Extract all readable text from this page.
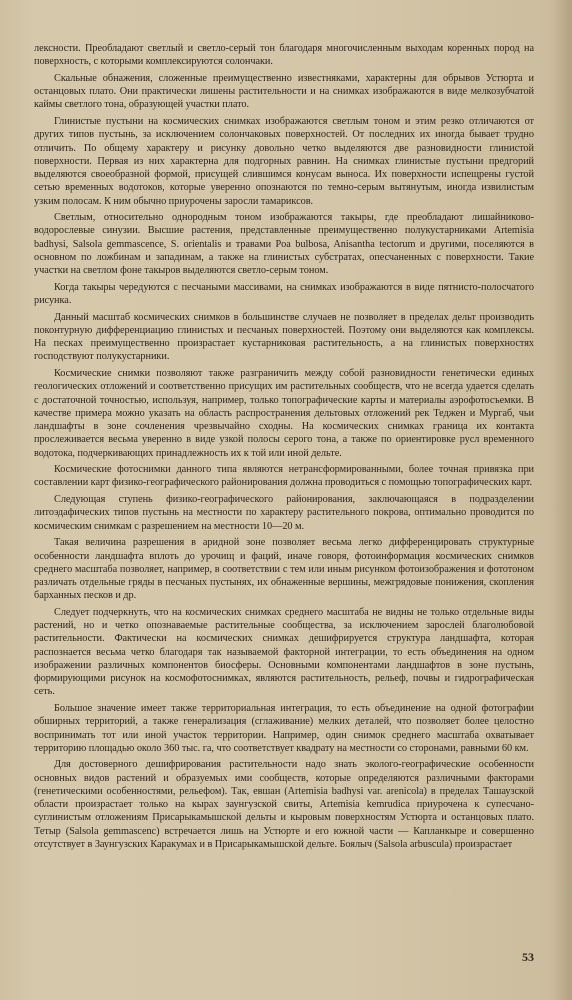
лексности. Преобладают светлый и светло-серый тон благодаря многочисленным выходам коренных пород на поверхность, с которыми комплексируются солончаки.

Скальные обнажения, сложенные преимущественно известняками, характерны для обрывов Устюрта и останцовых плато. Они практически лишены растительности и на снимках изображаются в виде мелкозубчатой каймы светлого тона, образующей участки плато.

Глинистые пустыни на космических снимках изображаются светлым тоном и этим резко отличаются от других типов пустынь, за исключением солончаковых поверхностей. От последних их иногда бывает трудно отличить. По общему характеру и рисунку довольно четко выделяются две разновидности глинистой поверхности. Первая из них характерна для подгорных равнин. На снимках глинистые пустыни предгорий выделяются своеобразной формой, присущей слившимся конусам выноса. Их поверхности испещрены густой сетью временных водотоков, которые уверенно опознаются по темно-серым вытянутым, иногда извилистым узким полосам. К ним обычно приурочены заросли тамариксов.

Светлым, относительно однородным тоном изображаются такыры, где преобладают лишайниково-водорослевые синузии. Высшие растения, представленные преимущественно полукустарниками Artemisia badhysi, Salsola gemmascence, S. orientalis и травами Poa bulbosa, Anisantha tectorum и другими, поселяются в основном по ложбинам и западинам, а также на глинистых субстратах, опесчаненных с поверхности. Такие участки на светлом фоне такыров выделяются светло-серым тоном.

Когда такыры чередуются с песчаными массивами, на снимках изображаются в виде пятнисто-полосчатого рисунка.

Данный масштаб космических снимков в большинстве случаев не позволяет в пределах дельт производить поконтурную дифференциацию глинистых и песчаных поверхностей. Поэтому они выделяются как комплексы. На песках преимущественно произрастает кустарниковая растительность, а на глинистых поверхностях господствуют полукустарники.

Космические снимки позволяют также разграничить между собой разновидности генетически единых геологических отложений и соответственно присущих им растительных сообществ, что не всегда удается сделать с достаточной точностью, используя, например, только топографические карты и материалы аэрофотосъемки. В качестве примера можно указать на область распространения дельтовых отложений рек Теджен и Мургаб, чьи ландшафты в зоне сочленения чрезвычайно сходны. На космических снимках граница их контакта прослеживается весьма уверенно в виде узкой полосы серого тона, а также по ориентировке русл временного водотока, подчеркивающих принадлежность их к той или иной дельте.

Космические фотоснимки данного типа являются нетрансформированными, более точная привязка при составлении карт физико-географического районирования должна проводиться с помощью топографических карт.

Следующая ступень физико-географического районирования, заключающаяся в подразделении литоэдафических типов пустынь на местности по характеру растительного покрова, оптимально проводится по космическим снимкам с разрешением на местности 10—20 м.

Такая величина разрешения в аридной зоне позволяет весьма легко дифференцировать структурные особенности ландшафта вплоть до урочищ и фаций, иначе говоря, фотоинформация космических снимков среднего масштаба позволяет, например, в соответствии с тем или иным рисунком фотоизображения и фототоном различать отдельные гряды в песчаных пустынях, их обнаженные вершины, межгрядовые понижения, скопления барханных песков и др.

Следует подчеркнуть, что на космических снимках среднего масштаба не видны не только отдельные виды растений, но и четко опознаваемые растительные сообщества, за исключением зарослей благолюбовой растительности. Фактически на космических снимках дешифрируется структура ландшафта, которая распознается весьма четко благодаря так называемой факторной интеграции, то есть объединения на одном изображении различных компонентов биосферы. Основными компонентами ландшафтов в зоне пустынь, формирующими рисунок на космофотоснимках, являются растительность, рельеф, почвы и гидрографическая сеть.

Большое значение имеет также территориальная интеграция, то есть объединение на одной фотографии обширных территорий, а также генерализация (сглаживание) мелких деталей, что позволяет более целостно воспринимать тот или иной участок территории. Например, один снимок среднего масштаба охватывает территорию площадью около 360 тыс. га, что соответствует квадрату на местности со сторонами, равными 60 км.

Для достоверного дешифрирования растительности надо знать эколого-географические особенности основных видов растений и образуемых ими сообществ, которые определяются различными факторами (генетическими особенностями, рельефом). Так, евшан (Artemisia badhysi var. arenicola) в пределах Ташаузской области произрастает только на кырах заунгузской свиты, Artemisia kemrudica приурочена к супесчано-суглинистым отложениям Присарыкамышской дельты и кыровым поверхностям Устюрта и останцовых плато. Тетыр (Salsola gemmascenc) встречается лишь на Устюрте и его южной части — Капланкыре и совершенно отсутствует в Заунгузских Каракумах и в Присарыкамышской дельте. Боялыч (Salsola arbuscula) произрастает

53
